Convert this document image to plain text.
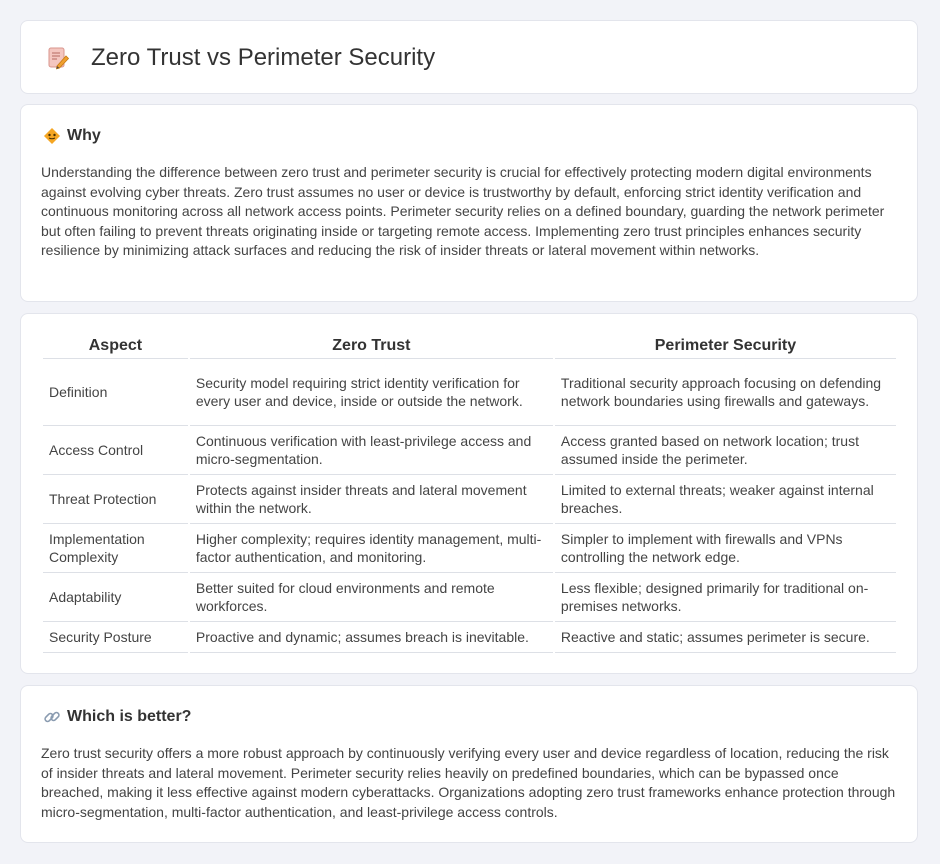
Zero Trust vs Perimeter Security
Why
Understanding the difference between zero trust and perimeter security is crucial for effectively protecting modern digital environments against evolving cyber threats. Zero trust assumes no user or device is trustworthy by default, enforcing strict identity verification and continuous monitoring across all network access points. Perimeter security relies on a defined boundary, guarding the network perimeter but often failing to prevent threats originating inside or targeting remote access. Implementing zero trust principles enhances security resilience by minimizing attack surfaces and reducing the risk of insider threats or lateral movement within networks.
Aspect	Zero Trust	Perimeter Security
Definition	Security model requiring strict identity verification for every user and device, inside or outside the network.	Traditional security approach focusing on defending network boundaries using firewalls and gateways.
Access Control	Continuous verification with least-privilege access and micro-segmentation.	Access granted based on network location; trust assumed inside the perimeter.
Threat Protection	Protects against insider threats and lateral movement within the network.	Limited to external threats; weaker against internal breaches.
Implementation Complexity	Higher complexity; requires identity management, multi-factor authentication, and monitoring.	Simpler to implement with firewalls and VPNs controlling the network edge.
Adaptability	Better suited for cloud environments and remote workforces.	Less flexible; designed primarily for traditional on-premises networks.
Security Posture	Proactive and dynamic; assumes breach is inevitable.	Reactive and static; assumes perimeter is secure.
Which is better?
Zero trust security offers a more robust approach by continuously verifying every user and device regardless of location, reducing the risk of insider threats and lateral movement. Perimeter security relies heavily on predefined boundaries, which can be bypassed once breached, making it less effective against modern cyberattacks. Organizations adopting zero trust frameworks enhance protection through micro-segmentation, multi-factor authentication, and least-privilege access controls.
